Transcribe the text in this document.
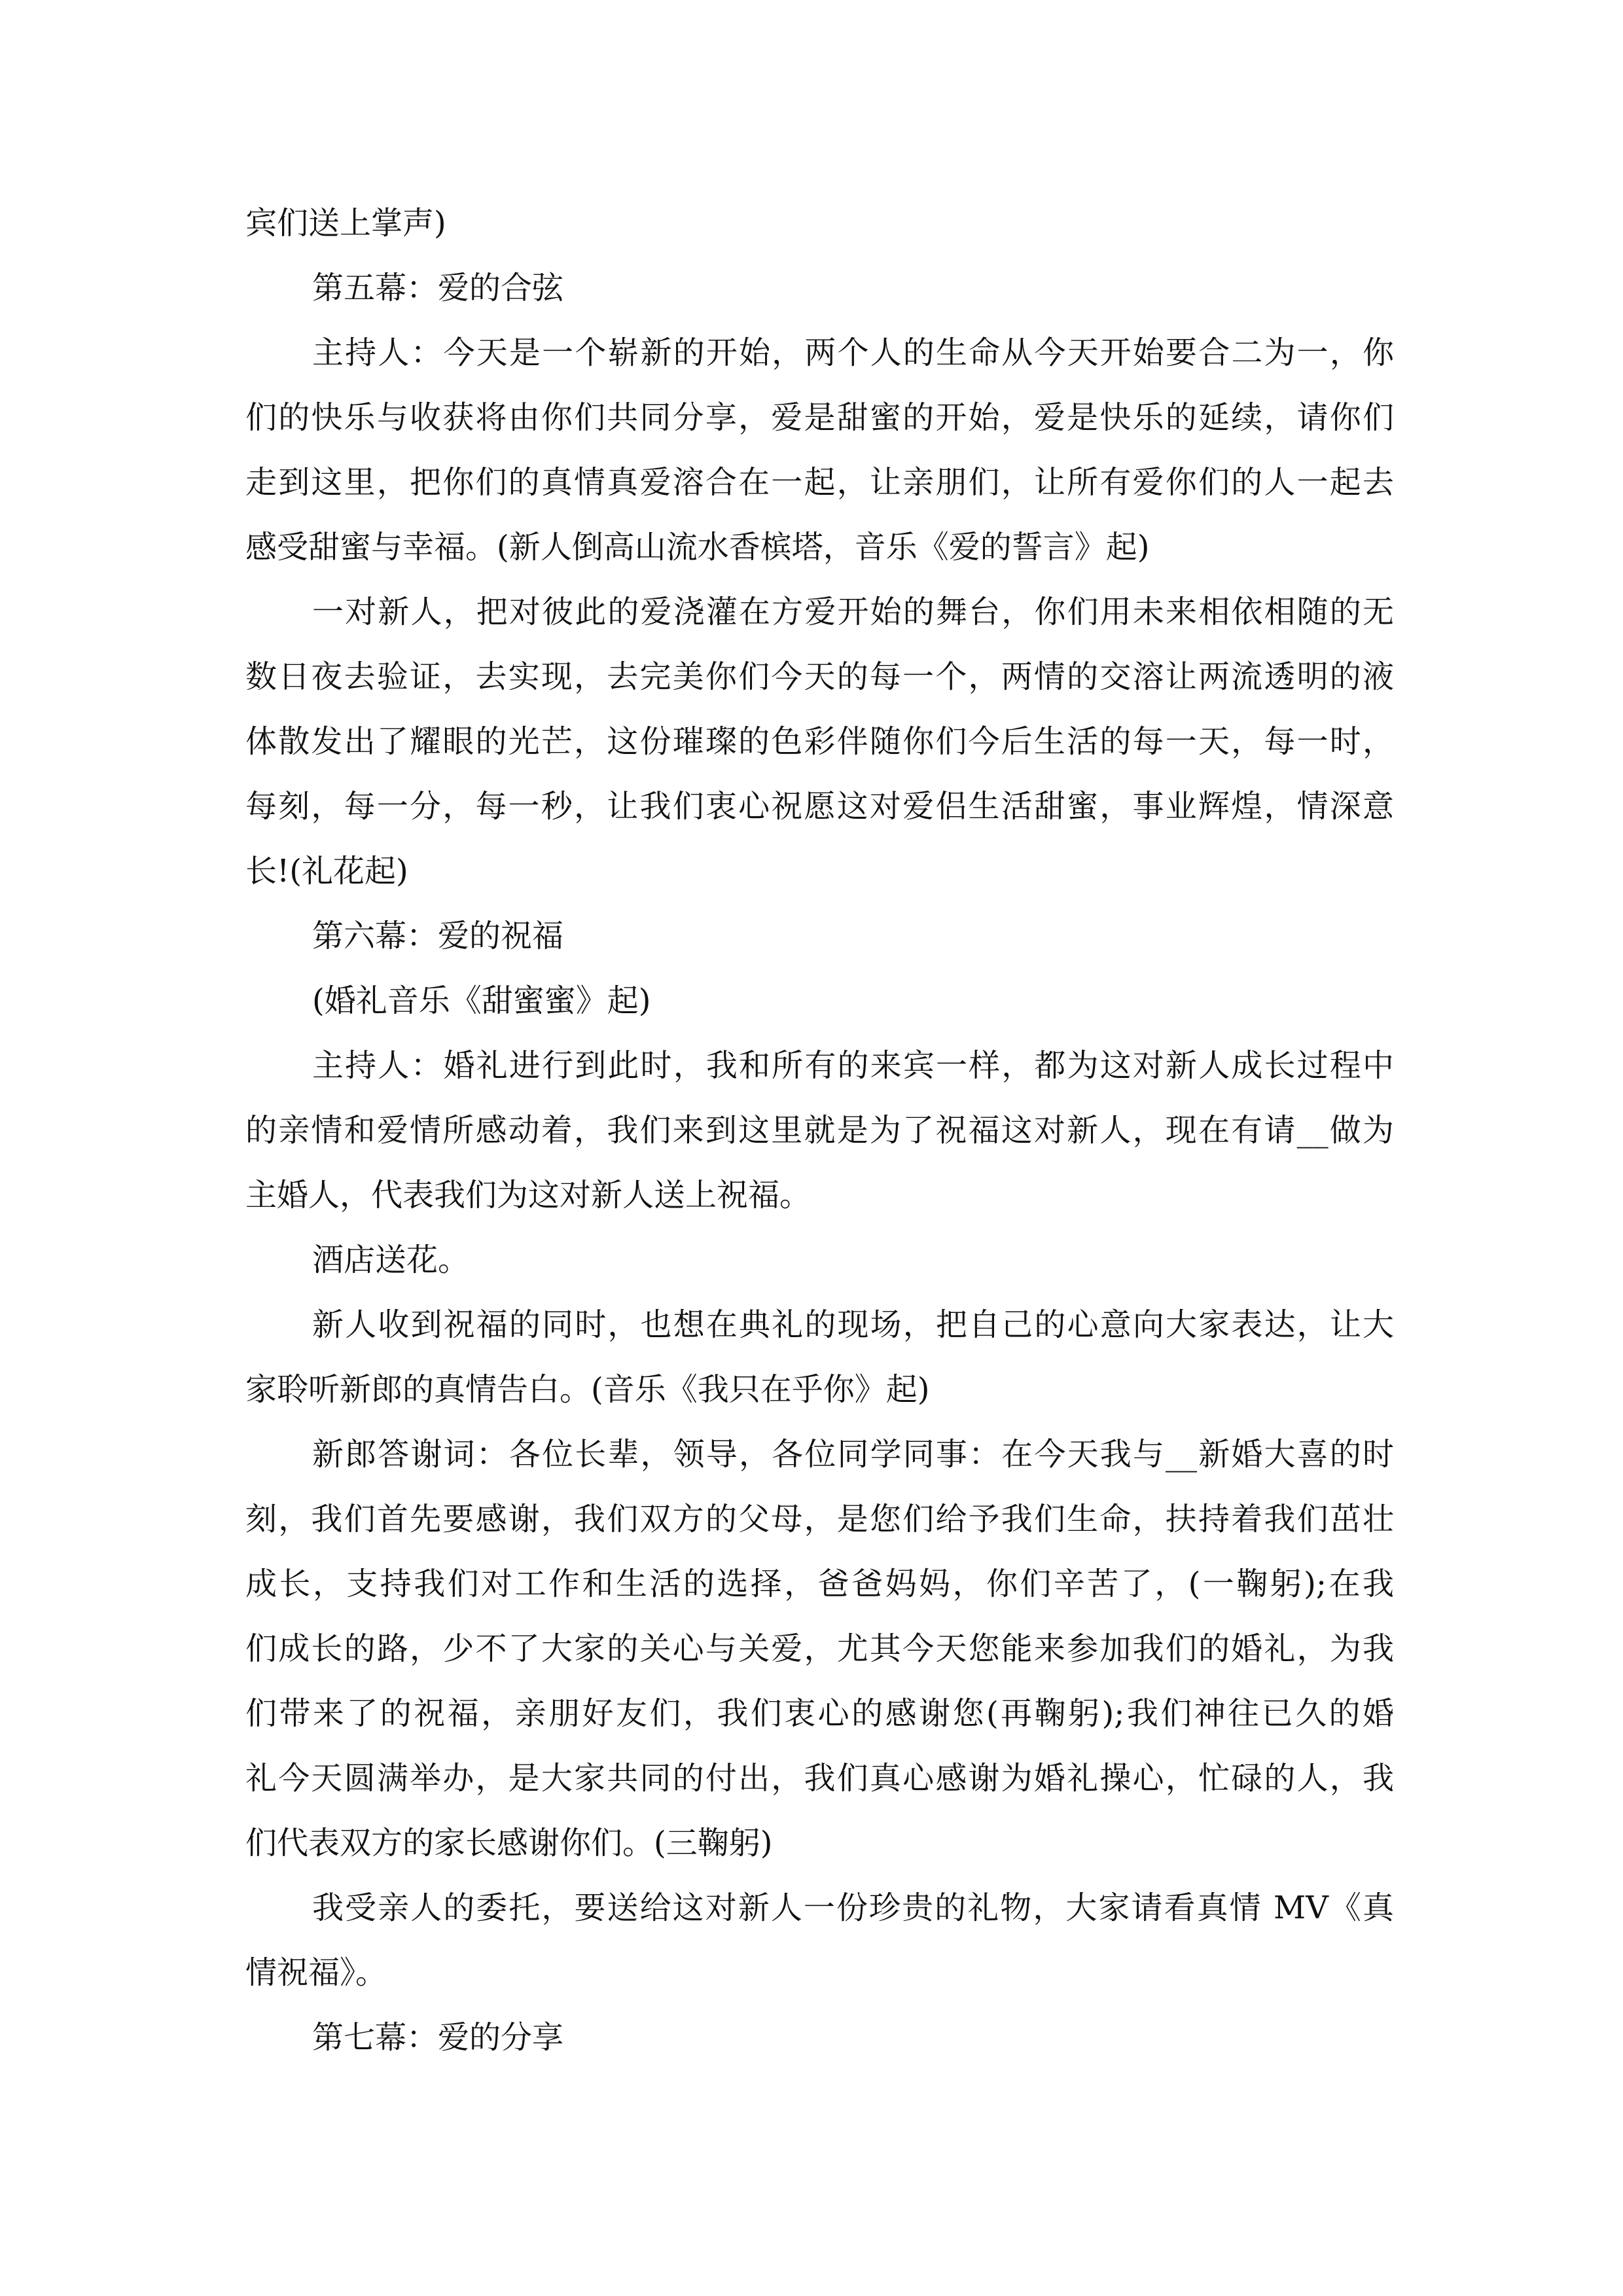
宾们送上掌声)
第五幕：爱的合弦
主持人：今天是一个崭新的开始，两个人的生命从今天开始要合二为一，你
们的快乐与收获将由你们共同分享，爱是甜蜜的开始，爱是快乐的延续，请你们
走到这里，把你们的真情真爱溶合在一起，让亲朋们，让所有爱你们的人一起去
感受甜蜜与幸福。(新人倒高山流水香槟塔，音乐《爱的誓言》起)
一对新人，把对彼此的爱浇灌在方爱开始的舞台，你们用未来相依相随的无
数日夜去验证，去实现，去完美你们今天的每一个，两情的交溶让两流透明的液
体散发出了耀眼的光芒，这份璀璨的色彩伴随你们今后生活的每一天，每一时，
每刻，每一分，每一秒，让我们衷心祝愿这对爱侣生活甜蜜，事业辉煌，情深意
长!(礼花起)
第六幕：爱的祝福
(婚礼音乐《甜蜜蜜》起)
主持人：婚礼进行到此时，我和所有的来宾一样，都为这对新人成长过程中
的亲情和爱情所感动着，我们来到这里就是为了祝福这对新人，现在有请__做为
主婚人，代表我们为这对新人送上祝福。
酒店送花。
新人收到祝福的同时，也想在典礼的现场，把自己的心意向大家表达，让大
家聆听新郎的真情告白。(音乐《我只在乎你》起)
新郎答谢词：各位长辈，领导，各位同学同事：在今天我与__新婚大喜的时
刻，我们首先要感谢，我们双方的父母，是您们给予我们生命，扶持着我们茁壮
成长，支持我们对工作和生活的选择，爸爸妈妈，你们辛苦了，(一鞠躬);在我
们成长的路，少不了大家的关心与关爱，尤其今天您能来参加我们的婚礼，为我
们带来了的祝福，亲朋好友们，我们衷心的感谢您(再鞠躬);我们神往已久的婚
礼今天圆满举办，是大家共同的付出，我们真心感谢为婚礼操心，忙碌的人，我
们代表双方的家长感谢你们。(三鞠躬)
我受亲人的委托，要送给这对新人一份珍贵的礼物，大家请看真情 MV《真
情祝福》。
第七幕：爱的分享
